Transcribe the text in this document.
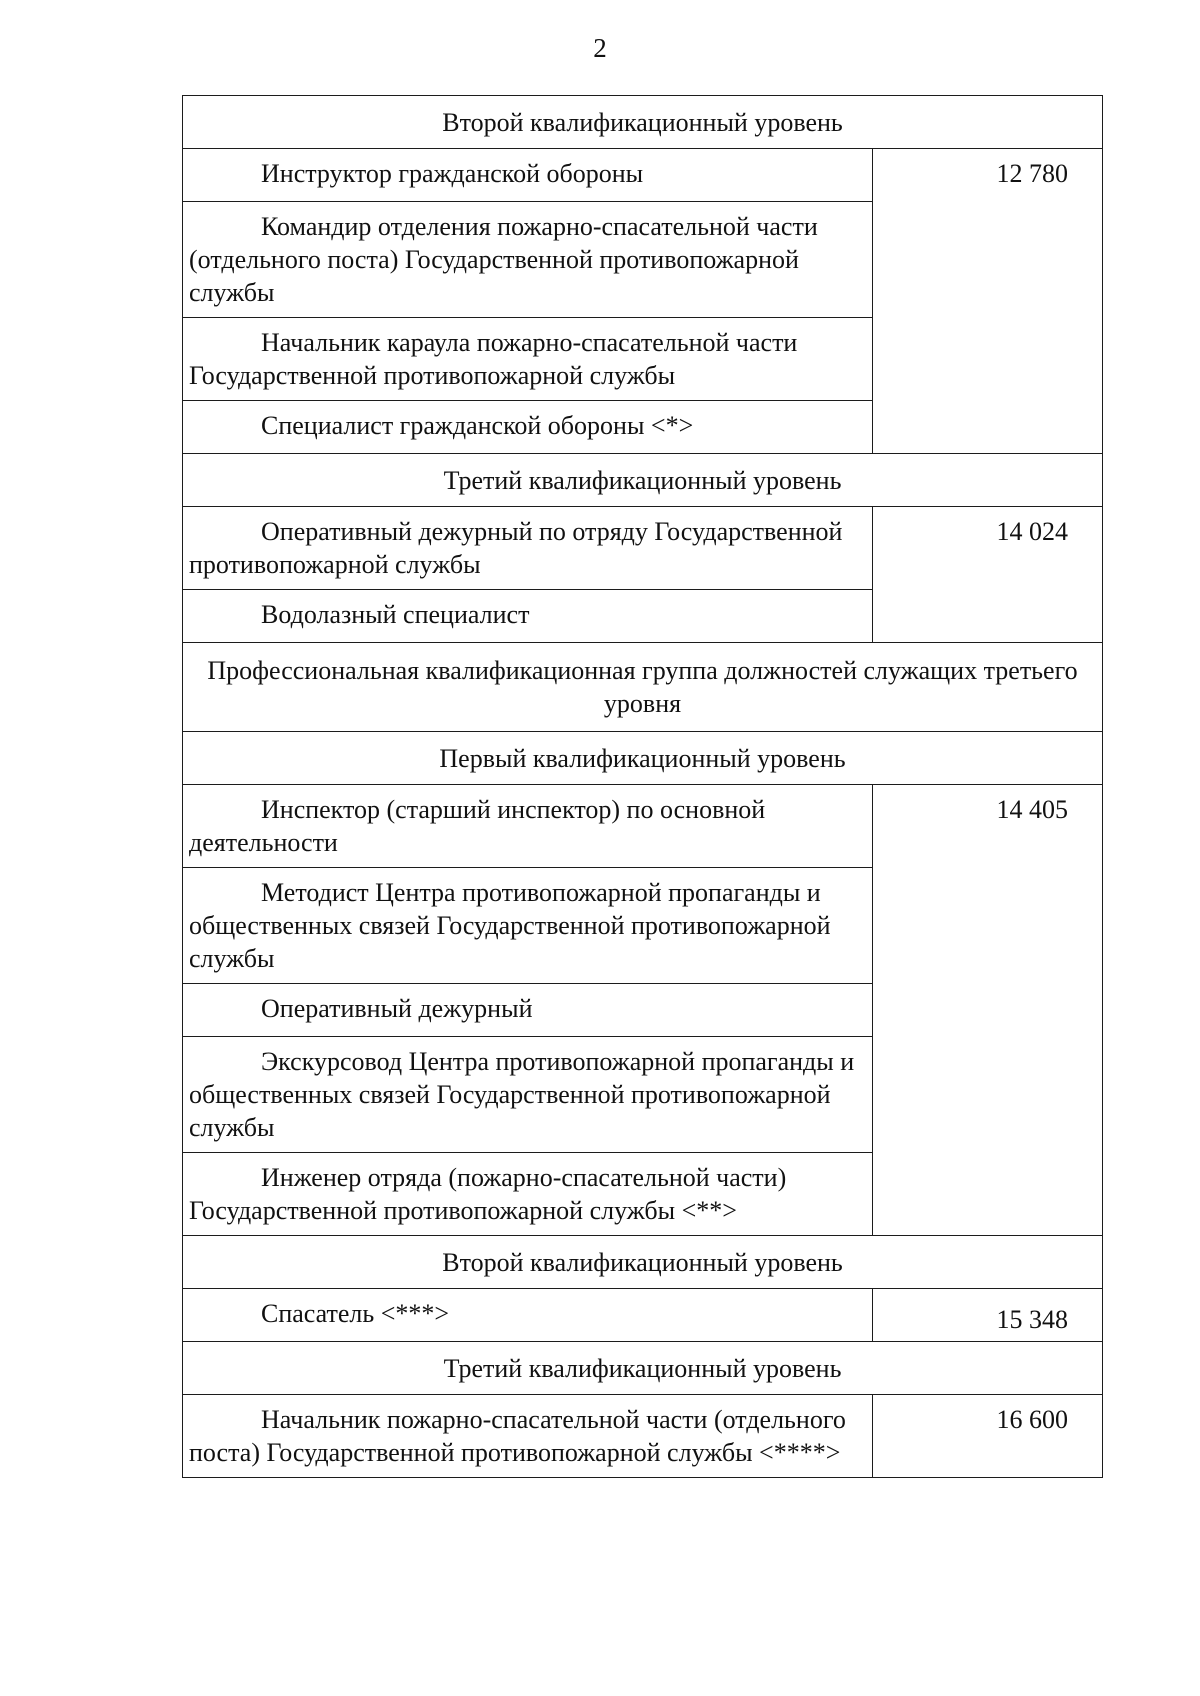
2
Второй квалификационный уровень	
Инструктор гражданской обороны	12 780
Командир отделения пожарно-спасательной части (отдельного поста) Государственной противопожарной службы	
Начальник караула пожарно-спасательной части Государственной противопожарной службы	
Специалист гражданской обороны <*>	
Третий квалификационный уровень	
Оперативный дежурный по отряду Государственной противопожарной службы	14 024
Водолазный специалист	
Профессиональная квалификационная группа должностей служащих третьего уровня	
Первый квалификационный уровень	
Инспектор (старший инспектор) по основной деятельности	14 405
Методист Центра противопожарной пропаганды и общественных связей Государственной противопожарной службы	
Оперативный дежурный	
Экскурсовод Центра противопожарной пропаганды и общественных связей Государственной противопожарной службы	
Инженер отряда (пожарно-спасательной части) Государственной противопожарной службы <**>	
Второй квалификационный уровень	
Спасатель <***>	15 348
Третий квалификационный уровень	
Начальник пожарно-спасательной части (отдельного поста) Государственной противопожарной службы <****>	16 600
